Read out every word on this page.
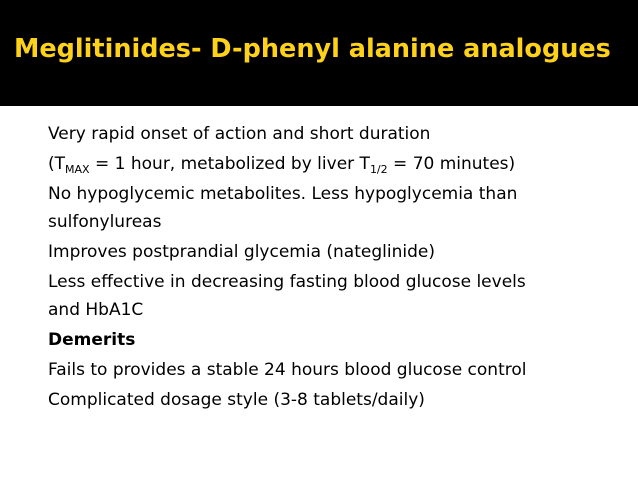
Meglitinides- D-phenyl alanine analogues
Very rapid onset of action and short duration
($T_{MAX} = 1$ hour, metabolized by liver $T_{1/2} = 70$ minutes)
No hypoglycemic metabolites. Less hypoglycemia than
sulfonylureas
Improves postprandial glycemia (nateglinide)
Less effective in decreasing fasting blood glucose levels
and HbA1C
Demerits
Fails to provides a stable 24 hours blood glucose control
Complicated dosage style (3-8 tablets/daily)
